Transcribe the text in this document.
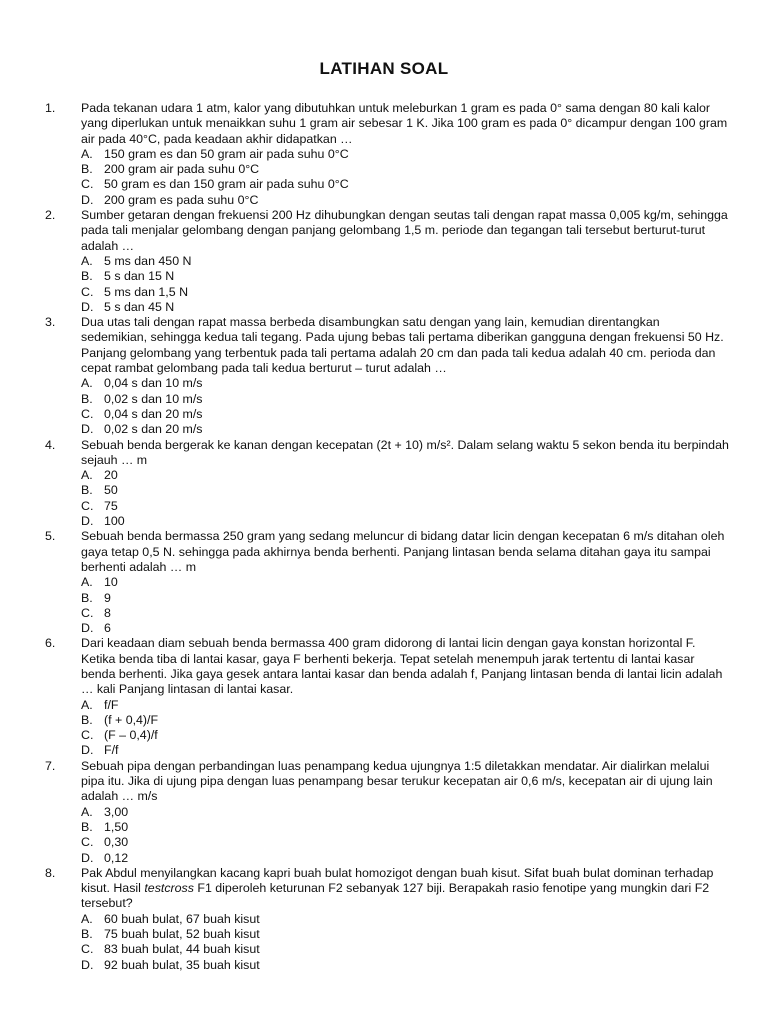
LATIHAN SOAL
1. Pada tekanan udara 1 atm, kalor yang dibutuhkan untuk meleburkan 1 gram es pada 0° sama dengan 80 kali kalor yang diperlukan untuk menaikkan suhu 1 gram air sebesar 1 K. Jika 100 gram es pada 0° dicampur dengan 100 gram air pada 40°C, pada keadaan akhir didapatkan …
A. 150 gram es dan 50 gram air pada suhu 0°C
B. 200 gram air pada suhu 0°C
C. 50 gram es dan 150 gram air pada suhu 0°C
D. 200 gram es pada suhu 0°C
2. Sumber getaran dengan frekuensi 200 Hz dihubungkan dengan seutas tali dengan rapat massa 0,005 kg/m, sehingga pada tali menjalar gelombang dengan panjang gelombang 1,5 m. periode dan tegangan tali tersebut berturut-turut adalah …
A. 5 ms dan 450 N
B. 5 s dan 15 N
C. 5 ms dan 1,5 N
D. 5 s dan 45 N
3. Dua utas tali dengan rapat massa berbeda disambungkan satu dengan yang lain, kemudian direntangkan sedemikian, sehingga kedua tali tegang. Pada ujung bebas tali pertama diberikan gangguna dengan frekuensi 50 Hz. Panjang gelombang yang terbentuk pada tali pertama adalah 20 cm dan pada tali kedua adalah 40 cm. perioda dan cepat rambat gelombang pada tali kedua berturut – turut adalah …
A. 0,04 s dan 10 m/s
B. 0,02 s dan 10 m/s
C. 0,04 s dan 20 m/s
D. 0,02 s dan 20 m/s
4. Sebuah benda bergerak ke kanan dengan kecepatan (2t + 10) m/s². Dalam selang waktu 5 sekon benda itu berpindah sejauh … m
A. 20
B. 50
C. 75
D. 100
5. Sebuah benda bermassa 250 gram yang sedang meluncur di bidang datar licin dengan kecepatan 6 m/s ditahan oleh gaya tetap 0,5 N. sehingga pada akhirnya benda berhenti. Panjang lintasan benda selama ditahan gaya itu sampai berhenti adalah … m
A. 10
B. 9
C. 8
D. 6
6. Dari keadaan diam sebuah benda bermassa 400 gram didorong di lantai licin dengan gaya konstan horizontal F. Ketika benda tiba di lantai kasar, gaya F berhenti bekerja. Tepat setelah menempuh jarak tertentu di lantai kasar benda berhenti. Jika gaya gesek antara lantai kasar dan benda adalah f, Panjang lintasan benda di lantai licin adalah … kali Panjang lintasan di lantai kasar.
A. f/F
B. (f + 0,4)/F
C. (F – 0,4)/f
D. F/f
7. Sebuah pipa dengan perbandingan luas penampang kedua ujungnya 1:5 diletakkan mendatar. Air dialirkan melalui pipa itu. Jika di ujung pipa dengan luas penampang besar terukur kecepatan air 0,6 m/s, kecepatan air di ujung lain adalah … m/s
A. 3,00
B. 1,50
C. 0,30
D. 0,12
8. Pak Abdul menyilangkan kacang kapri buah bulat homozigot dengan buah kisut. Sifat buah bulat dominan terhadap kisut. Hasil testcross F1 diperoleh keturunan F2 sebanyak 127 biji. Berapakah rasio fenotipe yang mungkin dari F2 tersebut?
A. 60 buah bulat, 67 buah kisut
B. 75 buah bulat, 52 buah kisut
C. 83 buah bulat, 44 buah kisut
D. 92 buah bulat, 35 buah kisut
